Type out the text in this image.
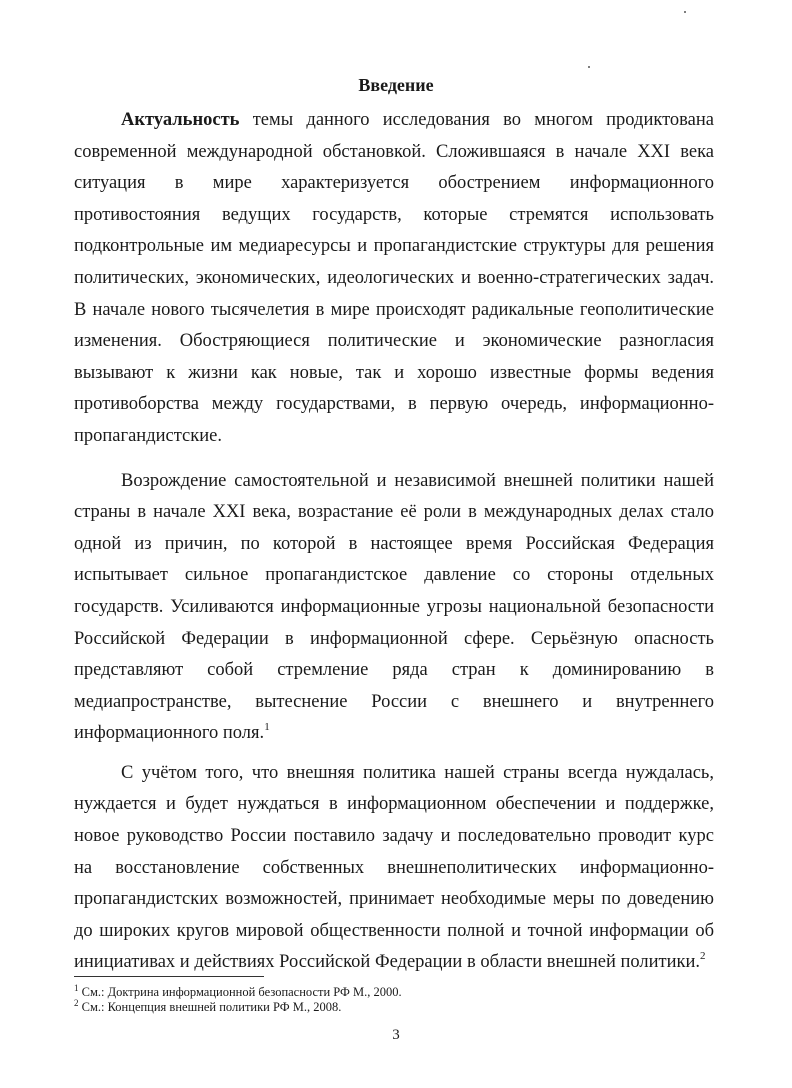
Введение

Актуальность темы данного исследования во многом продиктована современной международной обстановкой. Сложившаяся в начале XXI века ситуация в мире характеризуется обострением информационного противостояния ведущих государств, которые стремятся использовать подконтрольные им медиаресурсы и пропагандистские структуры для решения политических, экономических, идеологических и военно-стратегических задач. В начале нового тысячелетия в мире происходят радикальные геополитические изменения. Обостряющиеся политические и экономические разногласия вызывают к жизни как новые, так и хорошо известные формы ведения противоборства между государствами, в первую очередь, информационно-пропагандистские.

Возрождение самостоятельной и независимой внешней политики нашей страны в начале XXI века, возрастание её роли в международных делах стало одной из причин, по которой в настоящее время Российская Федерация испытывает сильное пропагандистское давление со стороны отдельных государств. Усиливаются информационные угрозы национальной безопасности Российской Федерации в информационной сфере. Серьёзную опасность представляют собой стремление ряда стран к доминированию в медиапространстве, вытеснение России с внешнего и внутреннего информационного поля.$^1$

С учётом того, что внешняя политика нашей страны всегда нуждалась, нуждается и будет нуждаться в информационном обеспечении и поддержке, новое руководство России поставило задачу и последовательно проводит курс на восстановление собственных внешнеполитических информационно-пропагандистских возможностей, принимает необходимые меры по доведению до широких кругов мировой общественности полной и точной информации об инициативах и действиях Российской Федерации в области внешней политики.$^2$

$^1$ См.: Доктрина информационной безопасности РФ М., 2000.

$^2$ См.: Концепция внешней политики РФ М., 2008.

3
